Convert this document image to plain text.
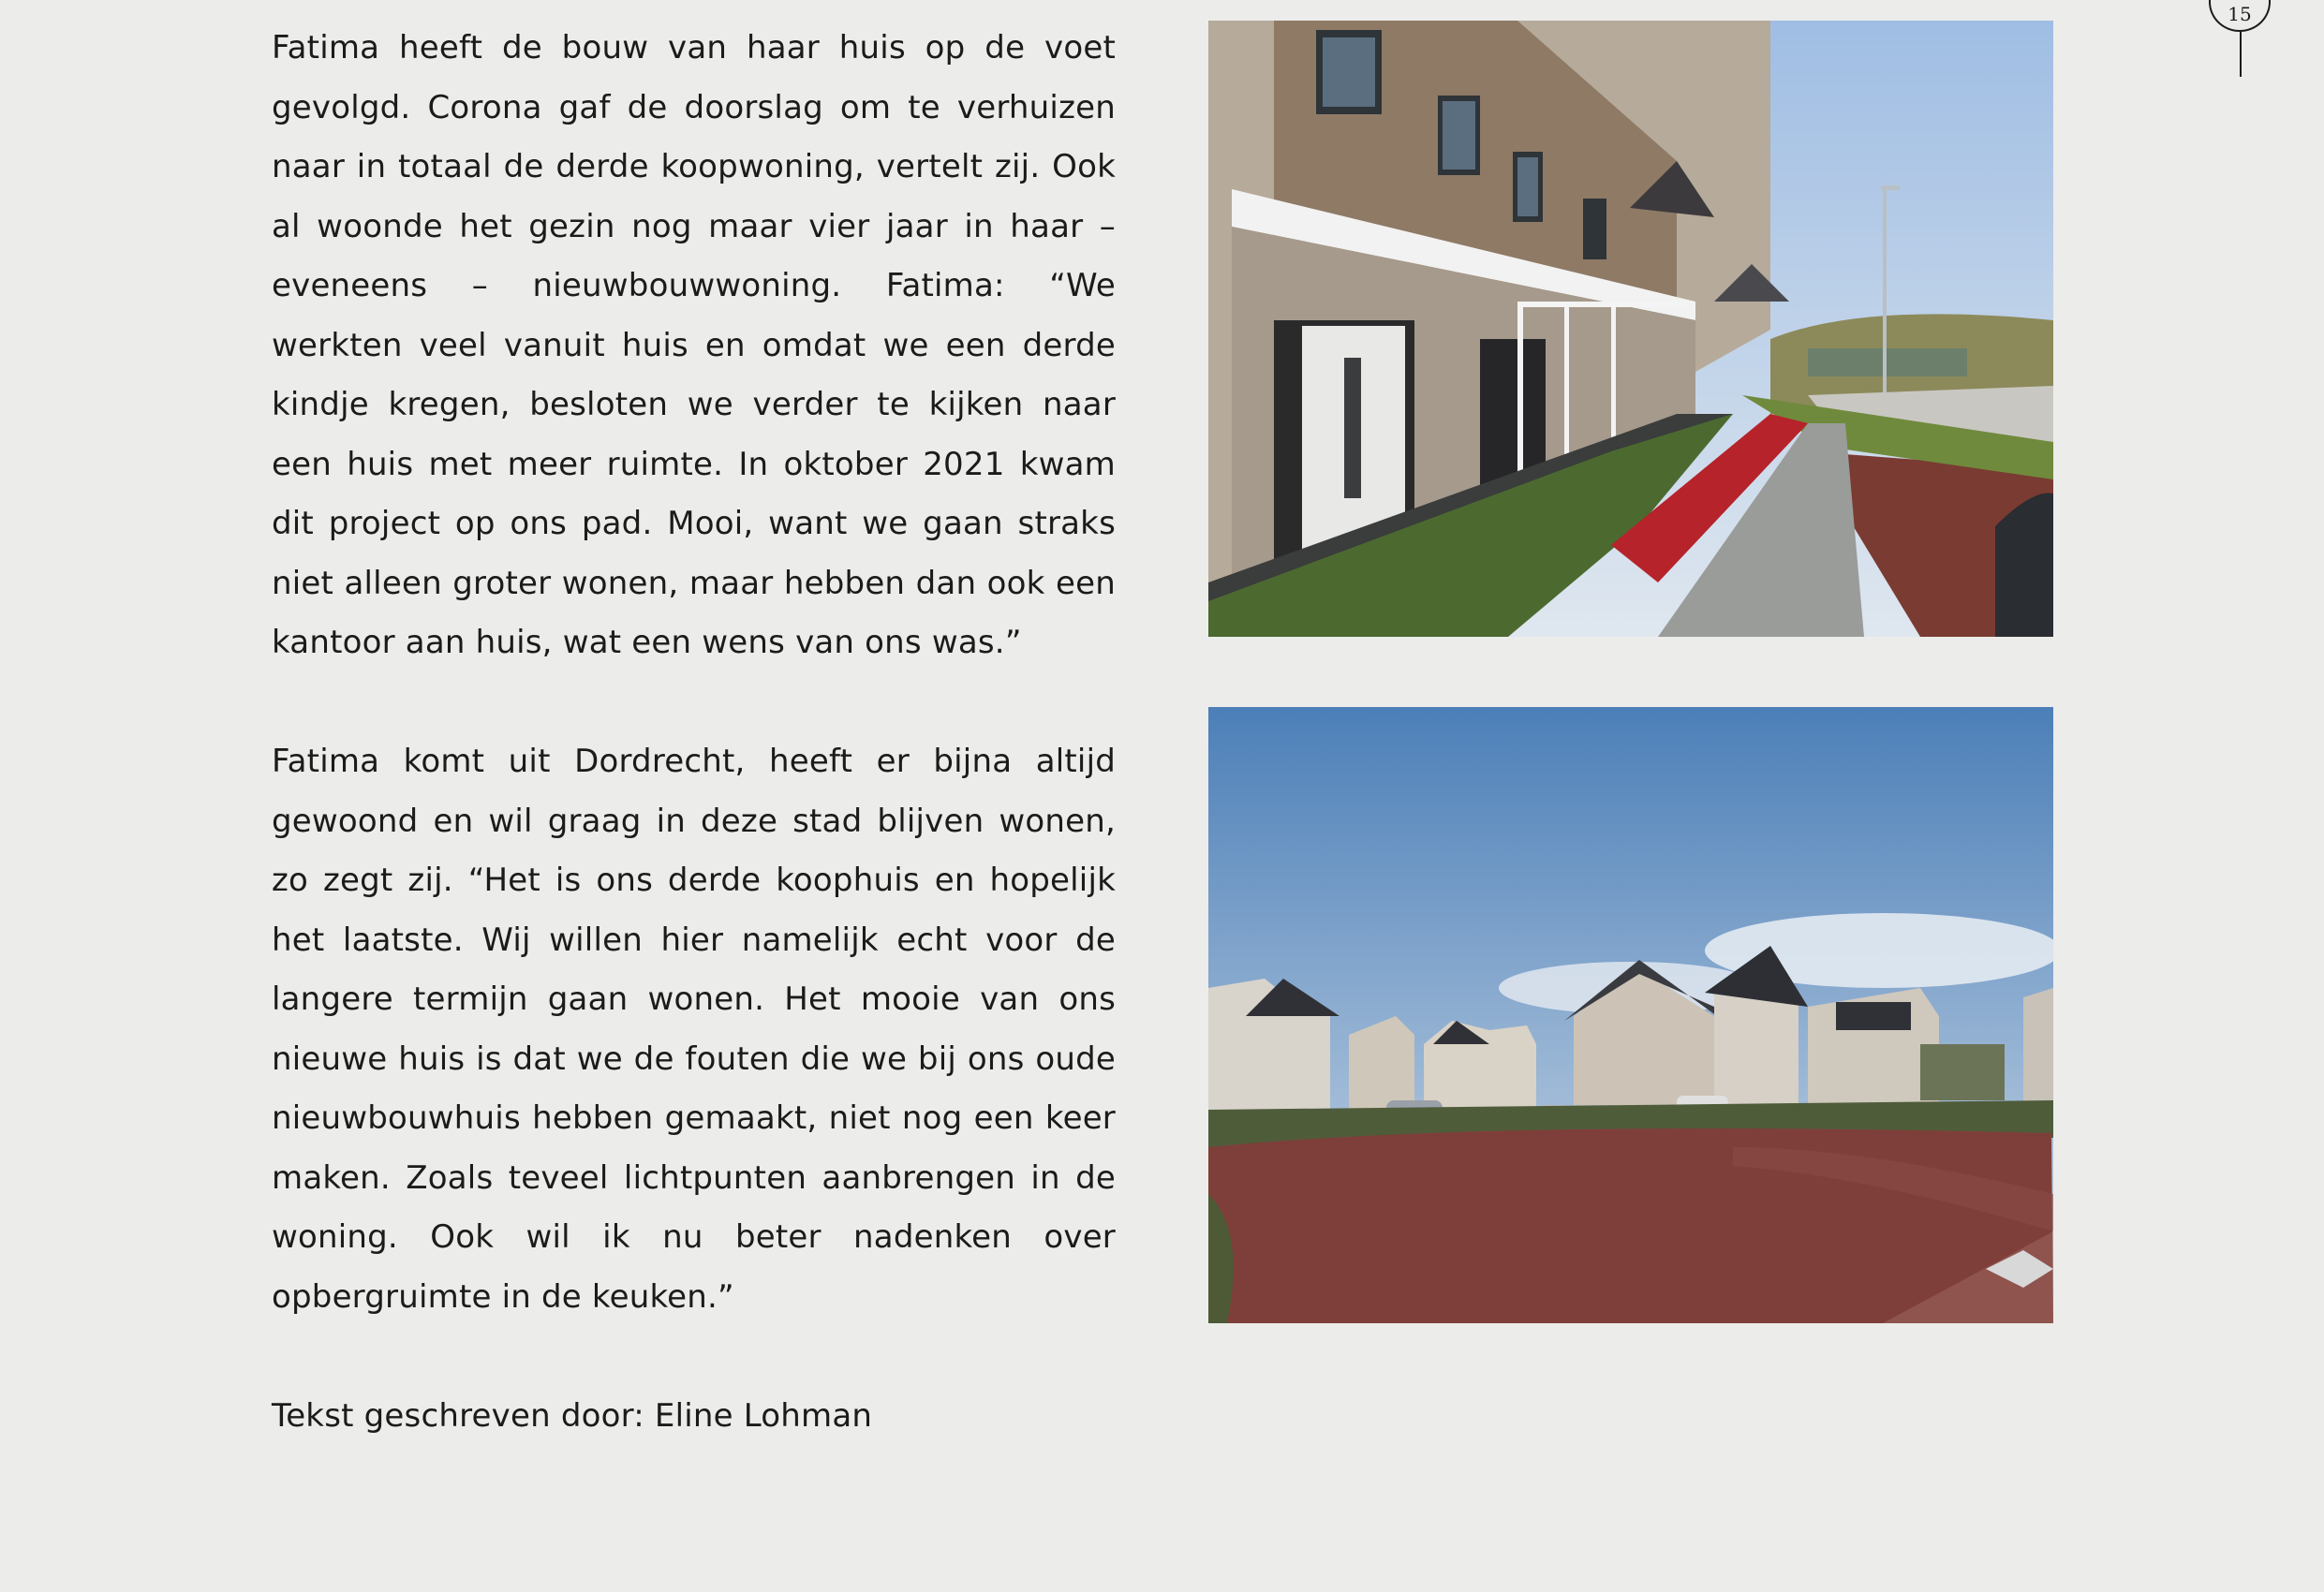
Fatima heeft de bouw van haar huis op de voet gevolgd. Corona gaf de doorslag om te verhuizen naar in totaal de derde koopwoning, vertelt zij. Ook al woonde het gezin nog maar vier jaar in haar – eveneens – nieuwbouwwoning. Fatima: “We werkten veel vanuit huis en omdat we een derde kindje kregen, besloten we verder te kijken naar een huis met meer ruimte. In oktober 2021 kwam dit project op ons pad. Mooi, want we gaan straks niet alleen groter wonen, maar hebben dan ook een kantoor aan huis, wat een wens van ons was.”

Fatima komt uit Dordrecht, heeft er bijna altijd gewoond en wil graag in deze stad blijven wonen, zo zegt zij. “Het is ons derde koophuis en hopelijk het laatste. Wij willen hier namelijk echt voor de langere termijn gaan wonen. Het mooie van ons nieuwe huis is dat we de fouten die we bij ons oude nieuwbouwhuis hebben gemaakt, niet nog een keer maken. Zoals teveel lichtpunten aanbrengen in de woning. Ook wil ik nu beter nadenken over opbergruimte in de keuken.”

Tekst geschreven door: Eline Lohman

15
